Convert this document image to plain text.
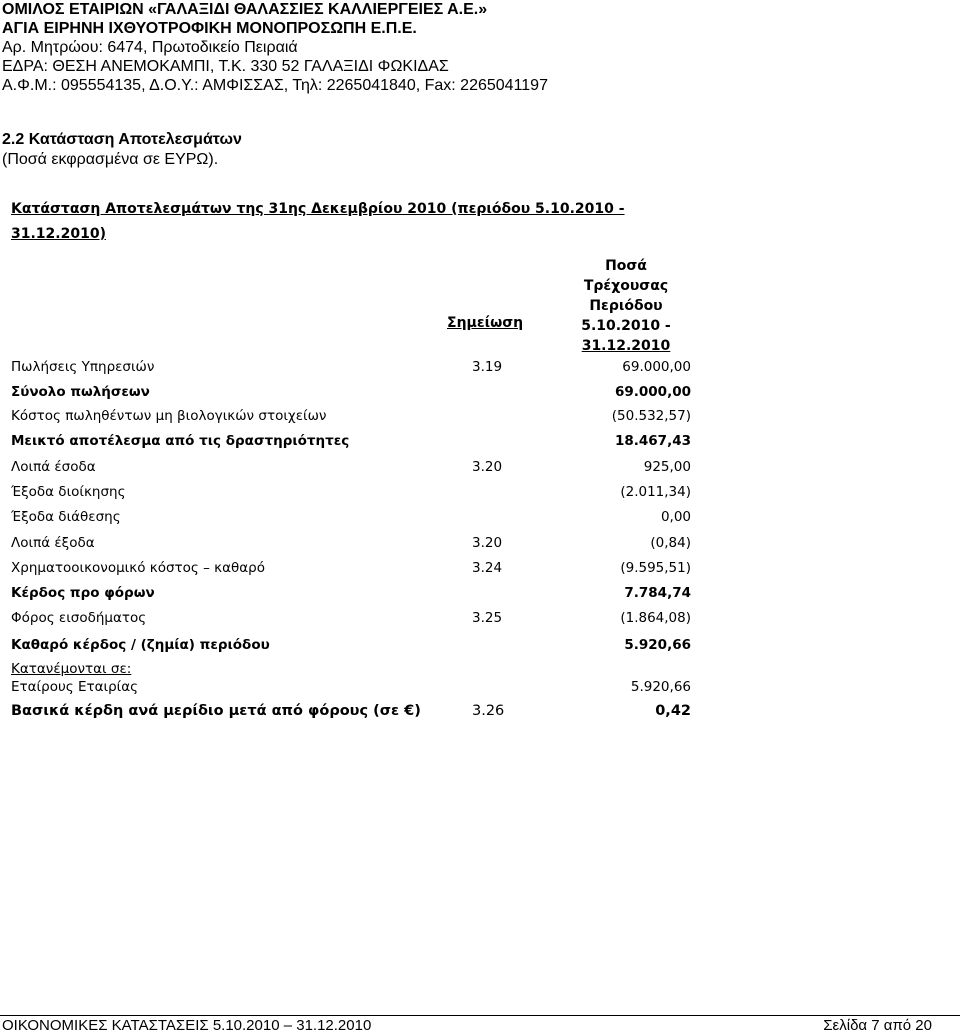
ΟΜΙΛΟΣ ΕΤΑΙΡΙΩΝ «ΓΑΛΑΞΙΔΙ ΘΑΛΑΣΣΙΕΣ ΚΑΛΛΙΕΡΓΕΙΕΣ Α.Ε.»
ΑΓΙΑ ΕΙΡΗΝΗ ΙΧΘΥΟΤΡΟΦΙΚΗ ΜΟΝΟΠΡΟΣΩΠΗ Ε.Π.Ε.
Αρ. Μητρώου: 6474, Πρωτοδικείο Πειραιά
ΕΔΡΑ: ΘΕΣΗ ΑΝΕΜΟΚΑΜΠΙ, Τ.Κ. 330 52 ΓΑΛΑΞΙΔΙ ΦΩΚΙΔΑΣ
Α.Φ.Μ.: 095554135, Δ.Ο.Υ.: ΑΜΦΙΣΣΑΣ, Τηλ: 2265041840, Fax: 2265041197
2.2 Κατάσταση Αποτελεσμάτων
(Ποσά εκφρασμένα σε ΕΥΡΩ).
Κατάσταση Αποτελεσμάτων της 31ης Δεκεμβρίου 2010 (περιόδου 5.10.2010 -
31.12.2010)
Ποσά
Τρέχουσας
Περιόδου
5.10.2010 -
31.12.2010
Σημείωση
Πωλήσεις Υπηρεσιών	3.19	69.000,00
Σύνολο πωλήσεων	69.000,00
Κόστος πωληθέντων μη βιολογικών στοιχείων	(50.532,57)
Μεικτό αποτέλεσμα από τις δραστηριότητες	18.467,43
Λοιπά έσοδα	3.20	925,00
Έξοδα διοίκησης	(2.011,34)
Έξοδα διάθεσης	0,00
Λοιπά έξοδα	3.20	(0,84)
Χρηματοοικονομικό κόστος – καθαρό	3.24	(9.595,51)
Κέρδος προ φόρων	7.784,74
Φόρος εισοδήματος	3.25	(1.864,08)
Καθαρό κέρδος / (ζημία) περιόδου	5.920,66
Κατανέμονται σε:
Εταίρους Εταιρίας	5.920,66
Βασικά κέρδη ανά μερίδιο μετά από φόρους (σε €)	3.26	0,42
ΟΙΚΟΝΟΜΙΚΕΣ ΚΑΤΑΣΤΑΣΕΙΣ 5.10.2010 – 31.12.2010	Σελίδα 7 από 20
